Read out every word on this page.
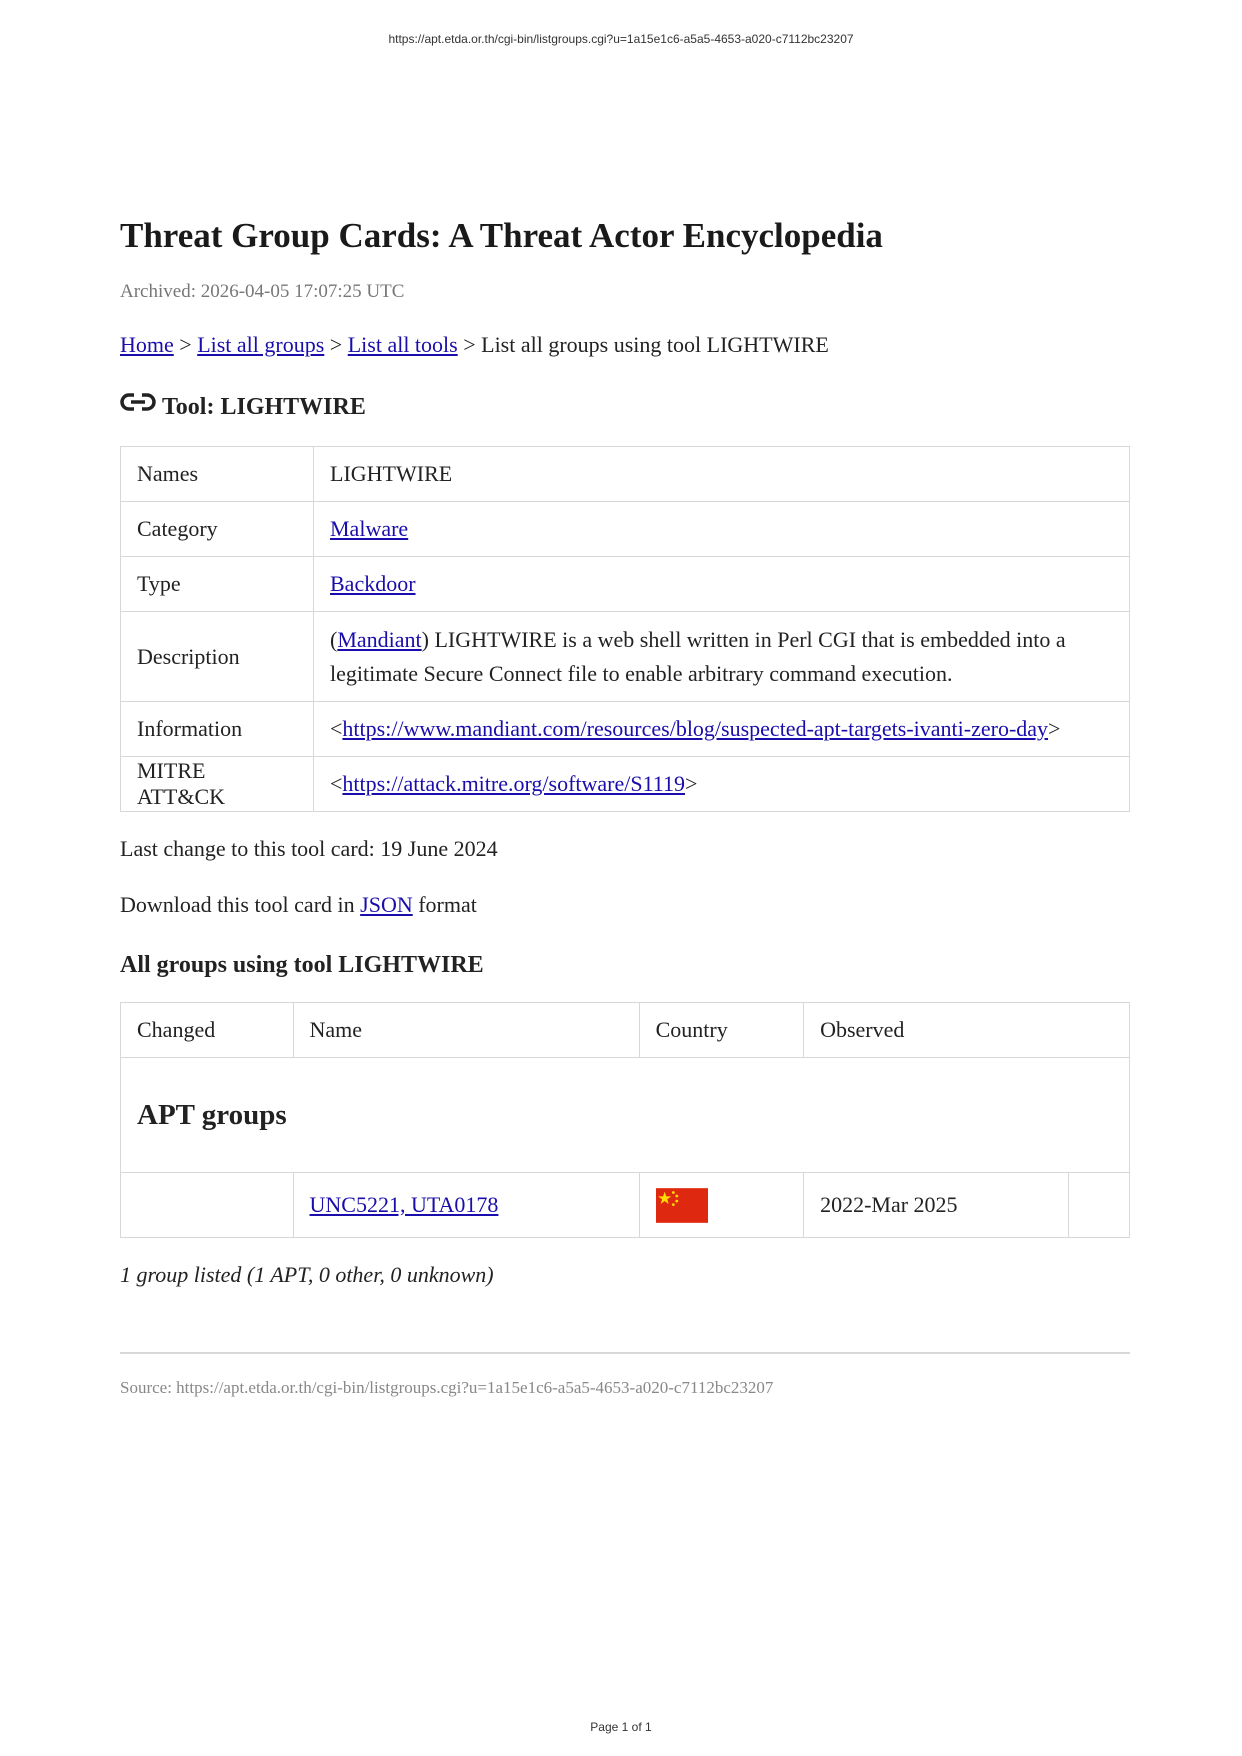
https://apt.etda.or.th/cgi-bin/listgroups.cgi?u=1a15e1c6-a5a5-4653-a020-c7112bc23207
Threat Group Cards: A Threat Actor Encyclopedia
Archived: 2026-04-05 17:07:25 UTC
Home > List all groups > List all tools > List all groups using tool LIGHTWIRE
Tool: LIGHTWIRE
Names	LIGHTWIRE
Category	Malware
Type	Backdoor
Description	(Mandiant) LIGHTWIRE is a web shell written in Perl CGI that is embedded into a legitimate Secure Connect file to enable arbitrary command execution.
Information	<https://www.mandiant.com/resources/blog/suspected-apt-targets-ivanti-zero-day>
MITRE ATT&CK	<https://attack.mitre.org/software/S1119>
Last change to this tool card: 19 June 2024
Download this tool card in JSON format
All groups using tool LIGHTWIRE
Changed	Name	Country	Observed	
APT groups				
	UNC5221, UTA0178		2022-Mar 2025	
1 group listed (1 APT, 0 other, 0 unknown)
Source: https://apt.etda.or.th/cgi-bin/listgroups.cgi?u=1a15e1c6-a5a5-4653-a020-c7112bc23207
Page 1 of 1
